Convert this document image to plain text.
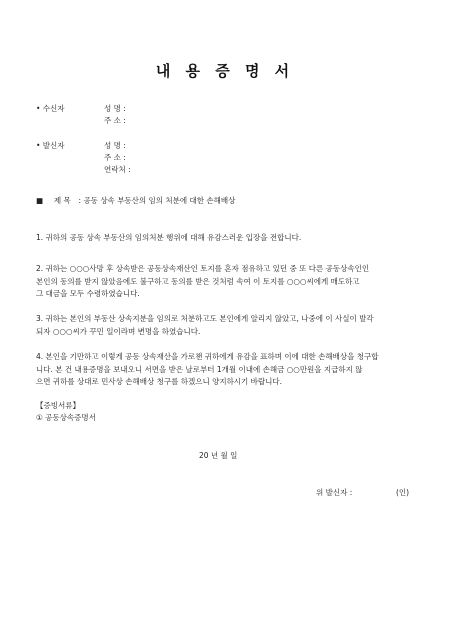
내 용 증 명 서
• 수신자	성 명 :
주 소 :
• 발신자	성 명 :
주 소 :
연락처 :
■ 제 목 : 공동 상속 부동산의 임의 처분에 대한 손해배상

1. 귀하의 공동 상속 부동산의 임의처분 행위에 대해 유감스러운 입장을 전합니다.

2. 귀하는 ○○○사망 후 상속받은 공동상속재산인 토지를 혼자 점유하고 있던 중 또 다른 공동상속인인

본인의 동의를 받지 않았음에도 불구하고 동의를 받은 것처럼 속여 이 토지를 ○○○씨에게 매도하고

그 대금을 모두 수령하였습니다.

3. 귀하는 본인의 부동산 상속지분을 임의로 처분하고도 본인에게 알리지 않았고, 나중에 이 사실이 발각

되자 ○○○씨가 꾸민 일이라며 변명을 하였습니다.

4. 본인을 기만하고 이렇게 공동 상속재산을 가로챈 귀하에게 유감을 표하며 이에 대한 손해배상을 청구합

니다. 본 건 내용증명을 보내오니 서면을 받은 날로부터 1개월 이내에 손해금 ○○만원을 지급하지 않

으면 귀하를 상대로 민사상 손해배상 청구를 하겠으니 양지하시기 바랍니다.

【증빙서류】
① 공동상속증명서
20 년 월 일
위 발신자 :	(인)
